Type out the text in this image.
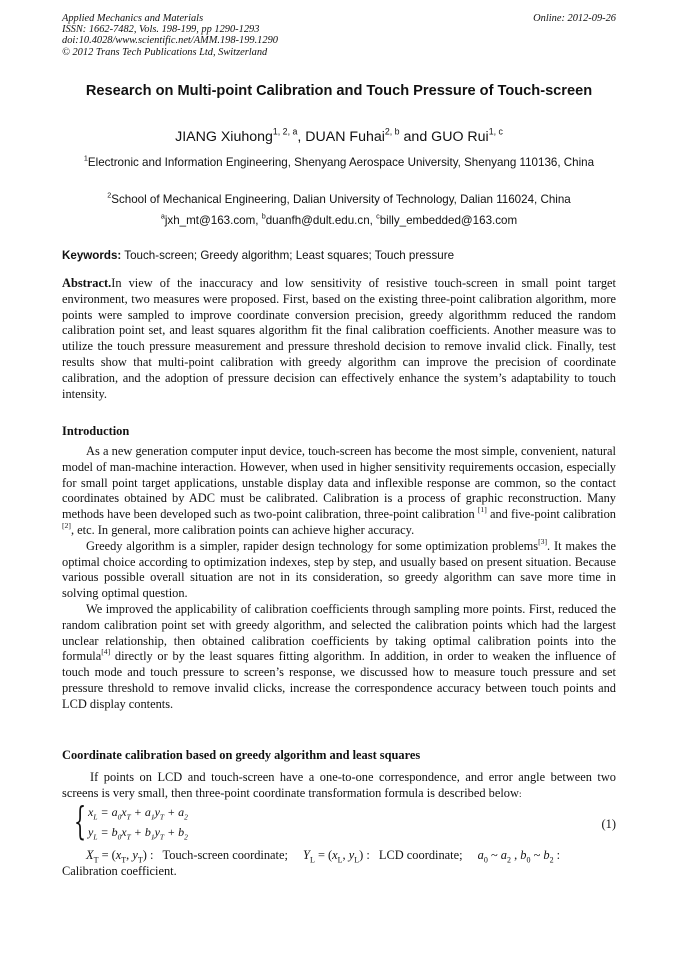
Applied Mechanics and Materials
ISSN: 1662-7482, Vols. 198-199, pp 1290-1293
doi:10.4028/www.scientific.net/AMM.198-199.1290
© 2012 Trans Tech Publications Ltd, Switzerland
Online: 2012-09-26
Research on Multi-point Calibration and Touch Pressure of Touch-screen
JIANG Xiuhong$^{1, 2, a}$, DUAN Fuhai$^{2, b}$ and GUO Rui$^{1, c}$
$^1$Electronic and Information Engineering, Shenyang Aerospace University, Shenyang 110136, China
$^2$School of Mechanical Engineering, Dalian University of Technology, Dalian 116024, China
$^a$jxh_mt@163.com, $^b$duanfh@dult.edu.cn, $^c$billy_embedded@163.com
Keywords: Touch-screen; Greedy algorithm; Least squares; Touch pressure

Abstract.In view of the inaccuracy and low sensitivity of resistive touch-screen in small point target environment, two measures were proposed. First, based on the existing three-point calibration algorithm, more points were sampled to improve coordinate conversion precision, greedy algorithmm reduced the random calibration point set, and least squares algorithm fit the final calibration coefficients. Another measure was to utilize the touch pressure measurement and pressure threshold decision to remove invalid click. Finally, test results show that multi-point calibration with greedy algorithm can improve the precision of coordinate calibration, and the adoption of pressure decision can effectively enhance the system’s adaptability to touch intensity.

Introduction

As a new generation computer input device, touch-screen has become the most simple, convenient, natural model of man-machine interaction. However, when used in higher sensitivity requirements occasion, especially for small point target applications, unstable display data and inflexible response are common, so the contact coordinates obtained by ADC must be calibrated. Calibration is a process of graphic reconstruction. Many methods have been developed such as two-point calibration, three-point calibration [1] and five-point calibration [2], etc. In general, more calibration points can achieve higher accuracy.

Greedy algorithm is a simpler, rapider design technology for some optimization problems[3]. It makes the optimal choice according to optimization indexes, step by step, and usually based on present situation. Because various possible overall situation are not in its consideration, so greedy algorithm can save more time in solving optimal question.

We improved the applicability of calibration coefficients through sampling more points. First, reduced the random calibration point set with greedy algorithm, and selected the calibration points which had the largest unclear relationship, then obtained calibration coefficients by taking optimal calibration points into the formula[4] directly or by the least squares fitting algorithm. In addition, in order to weaken the influence of touch mode and touch pressure to screen’s response, we discussed how to measure touch pressure and set pressure threshold to remove invalid clicks, increase the correspondence accuracy between touch points and LCD display contents.

Coordinate calibration based on greedy algorithm and least squares

If points on LCD and touch-screen have a one-to-one correspondence, and error angle between two screens is very small, then three-point coordinate transformation formula is described below:

{ $x_L = a_0x_T + a_1y_T + a_2$
$y_L = b_0x_T + b_1y_T + b_2$
(1)
$X_T = (x_T$, $y_T$) : Touch-screen coordinate; $Y_L = (x_L$, $y_L$) : LCD coordinate; $a_0$ ~ $a_2$ , $b_0$ ~ $b_2$ :
Calibration coefficient.
